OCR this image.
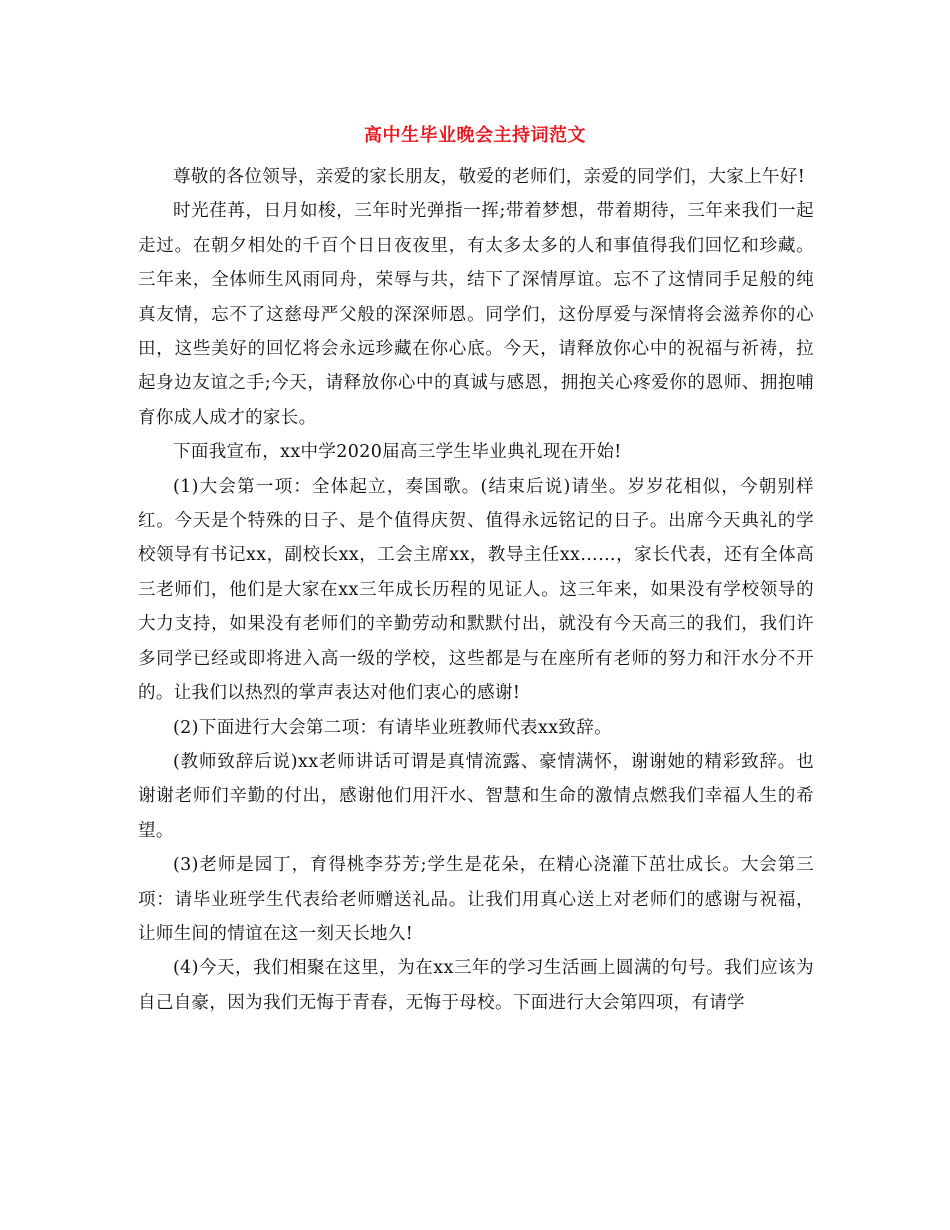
高中生毕业晚会主持词范文

尊敬的各位领导，亲爱的家长朋友，敬爱的老师们，亲爱的同学们，大家上午好!

时光荏苒，日月如梭，三年时光弹指一挥;带着梦想，带着期待，三年来我们一起走过。在朝夕相处的千百个日日夜夜里，有太多太多的人和事值得我们回忆和珍藏。三年来，全体师生风雨同舟，荣辱与共，结下了深情厚谊。忘不了这情同手足般的纯真友情，忘不了这慈母严父般的深深师恩。同学们，这份厚爱与深情将会滋养你的心田，这些美好的回忆将会永远珍藏在你心底。今天，请释放你心中的祝福与祈祷，拉起身边友谊之手;今天，请释放你心中的真诚与感恩，拥抱关心疼爱你的恩师、拥抱哺育你成人成才的家长。

下面我宣布，xx中学2020届高三学生毕业典礼现在开始!

(1)大会第一项：全体起立，奏国歌。(结束后说)请坐。岁岁花相似，今朝别样红。今天是个特殊的日子、是个值得庆贺、值得永远铭记的日子。出席今天典礼的学校领导有书记xx，副校长xx，工会主席xx，教导主任xx……，家长代表，还有全体高三老师们，他们是大家在xx三年成长历程的见证人。这三年来，如果没有学校领导的大力支持，如果没有老师们的辛勤劳动和默默付出，就没有今天高三的我们，我们许多同学已经或即将进入高一级的学校，这些都是与在座所有老师的努力和汗水分不开的。让我们以热烈的掌声表达对他们衷心的感谢!

(2)下面进行大会第二项：有请毕业班教师代表xx致辞。

(教师致辞后说)xx老师讲话可谓是真情流露、豪情满怀，谢谢她的精彩致辞。也谢谢老师们辛勤的付出，感谢他们用汗水、智慧和生命的激情点燃我们幸福人生的希望。

(3)老师是园丁，育得桃李芬芳;学生是花朵，在精心浇灌下茁壮成长。大会第三项：请毕业班学生代表给老师赠送礼品。让我们用真心送上对老师们的感谢与祝福，让师生间的情谊在这一刻天长地久!

(4)今天，我们相聚在这里，为在xx三年的学习生活画上圆满的句号。我们应该为自己自豪，因为我们无悔于青春，无悔于母校。下面进行大会第四项，有请学
